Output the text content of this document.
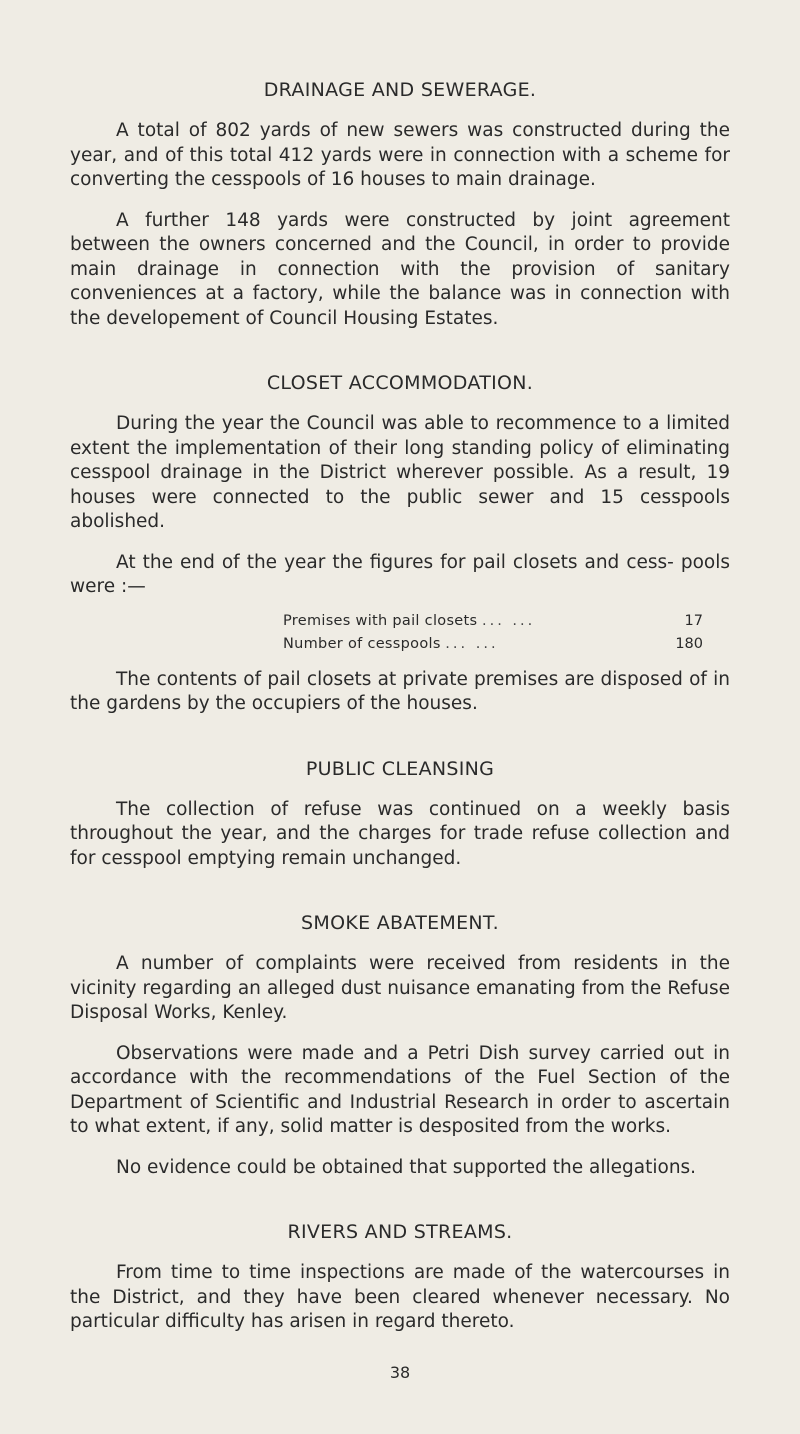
DRAINAGE AND SEWERAGE.

A total of 802 yards of new sewers was constructed during the year, and of this total 412 yards were in connection with a scheme for converting the cesspools of 16 houses to main drainage.

A further 148 yards were constructed by joint agreement between the owners concerned and the Council, in order to provide main drainage in connection with the provision of sanitary conveniences at a factory, while the balance was in connection with the developement of Council Housing Estates.

CLOSET ACCOMMODATION.

During the year the Council was able to recommence to a limited extent the implementation of their long standing policy of eliminating cesspool drainage in the District wherever possible. As a result, 19 houses were connected to the public sewer and 15 cesspools abolished.

At the end of the year the figures for pail closets and cess- pools were :—

Premises with pail closets ... ...	17
Number of cesspools ... ...	180

The contents of pail closets at private premises are disposed of in the gardens by the occupiers of the houses.

PUBLIC CLEANSING

The collection of refuse was continued on a weekly basis throughout the year, and the charges for trade refuse collection and for cesspool emptying remain unchanged.

SMOKE ABATEMENT.

A number of complaints were received from residents in the vicinity regarding an alleged dust nuisance emanating from the Refuse Disposal Works, Kenley.

Observations were made and a Petri Dish survey carried out in accordance with the recommendations of the Fuel Section of the Department of Scientific and Industrial Research in order to ascertain to what extent, if any, solid matter is desposited from the works.

No evidence could be obtained that supported the allegations.

RIVERS AND STREAMS.

From time to time inspections are made of the watercourses in the District, and they have been cleared whenever necessary. No particular difficulty has arisen in regard thereto.

38
